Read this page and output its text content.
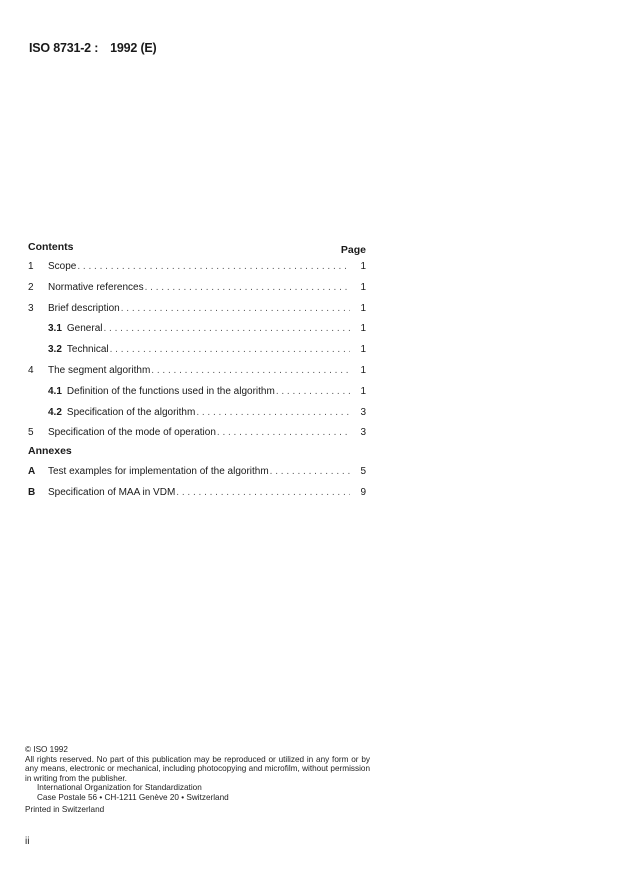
ISO 8731-2 : 1992 (E)
Contents	Page
1	Scope . . .	1
2	Normative references . . .	1
3	Brief description . . .	1
3.1 General . . .	1
3.2 Technical . . .	1
4	The segment algorithm . . .	1
4.1 Definition of the functions used in the algorithm . . .	1
4.2 Specification of the algorithm . . .	3
5	Specification of the mode of operation . . .	3
Annexes
A	Test examples for implementation of the algorithm . . .	5
B	Specification of MAA in VDM . . .	9

© ISO 1992

All rights reserved. No part of this publication may be reproduced or utilized in any form or by any means, electronic or mechanical, including photocopying and microfilm, without permission in writing from the publisher.

International Organization for Standardization

Case Postale 56 • CH-1211 Genève 20 • Switzerland

Printed in Switzerland

ii
